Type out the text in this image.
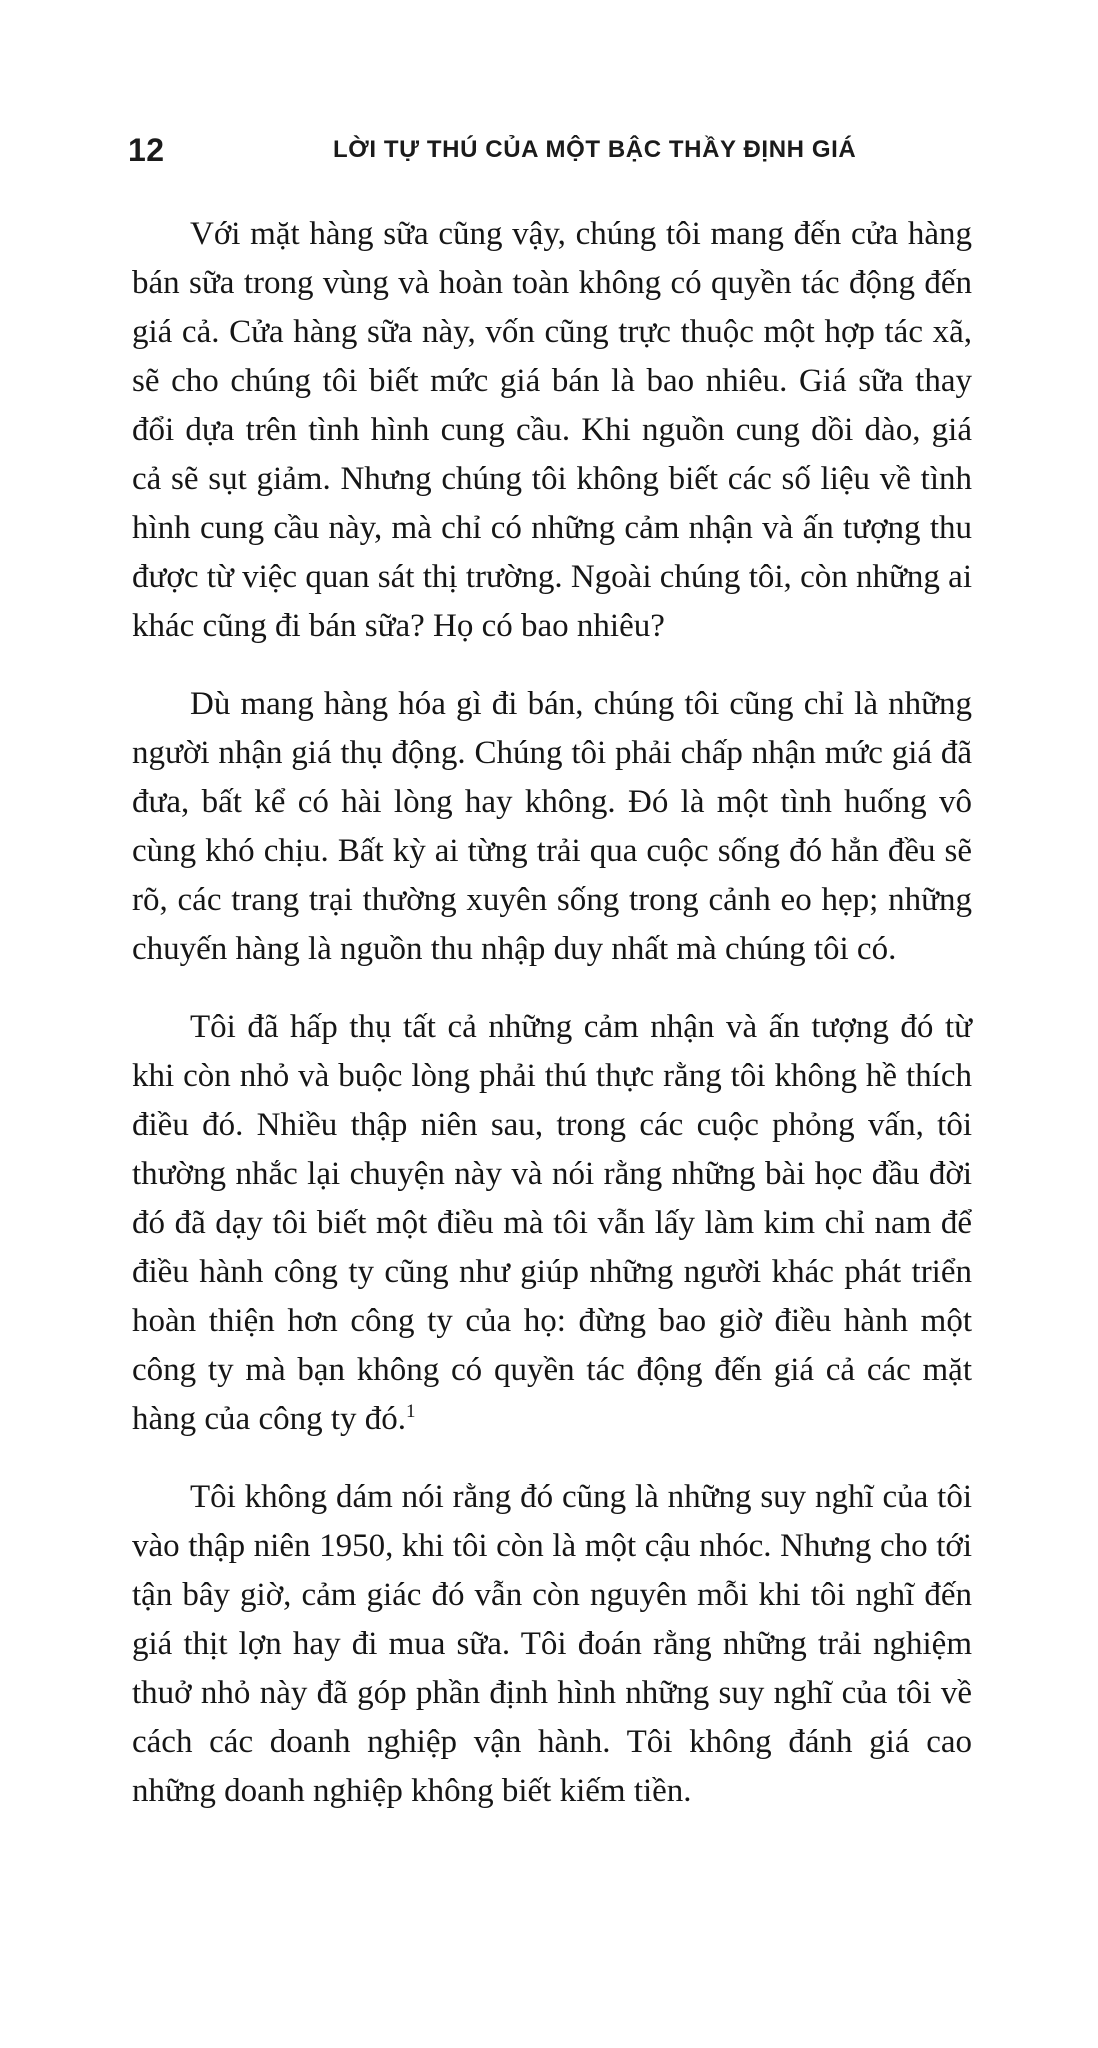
12	LỜI TỰ THÚ CỦA MỘT BẬC THẦY ĐỊNH GIÁ

Với mặt hàng sữa cũng vậy, chúng tôi mang đến cửa hàng bán sữa trong vùng và hoàn toàn không có quyền tác động đến giá cả. Cửa hàng sữa này, vốn cũng trực thuộc một hợp tác xã, sẽ cho chúng tôi biết mức giá bán là bao nhiêu. Giá sữa thay đổi dựa trên tình hình cung cầu. Khi nguồn cung dồi dào, giá cả sẽ sụt giảm. Nhưng chúng tôi không biết các số liệu về tình hình cung cầu này, mà chỉ có những cảm nhận và ấn tượng thu được từ việc quan sát thị trường. Ngoài chúng tôi, còn những ai khác cũng đi bán sữa? Họ có bao nhiêu?

Dù mang hàng hóa gì đi bán, chúng tôi cũng chỉ là những người nhận giá thụ động. Chúng tôi phải chấp nhận mức giá đã đưa, bất kể có hài lòng hay không. Đó là một tình huống vô cùng khó chịu. Bất kỳ ai từng trải qua cuộc sống đó hẳn đều sẽ rõ, các trang trại thường xuyên sống trong cảnh eo hẹp; những chuyến hàng là nguồn thu nhập duy nhất mà chúng tôi có.

Tôi đã hấp thụ tất cả những cảm nhận và ấn tượng đó từ khi còn nhỏ và buộc lòng phải thú thực rằng tôi không hề thích điều đó. Nhiều thập niên sau, trong các cuộc phỏng vấn, tôi thường nhắc lại chuyện này và nói rằng những bài học đầu đời đó đã dạy tôi biết một điều mà tôi vẫn lấy làm kim chỉ nam để điều hành công ty cũng như giúp những người khác phát triển hoàn thiện hơn công ty của họ: đừng bao giờ điều hành một công ty mà bạn không có quyền tác động đến giá cả các mặt hàng của công ty đó.$^1$

Tôi không dám nói rằng đó cũng là những suy nghĩ của tôi vào thập niên 1950, khi tôi còn là một cậu nhóc. Nhưng cho tới tận bây giờ, cảm giác đó vẫn còn nguyên mỗi khi tôi nghĩ đến giá thịt lợn hay đi mua sữa. Tôi đoán rằng những trải nghiệm thuở nhỏ này đã góp phần định hình những suy nghĩ của tôi về cách các doanh nghiệp vận hành. Tôi không đánh giá cao những doanh nghiệp không biết kiếm tiền.
